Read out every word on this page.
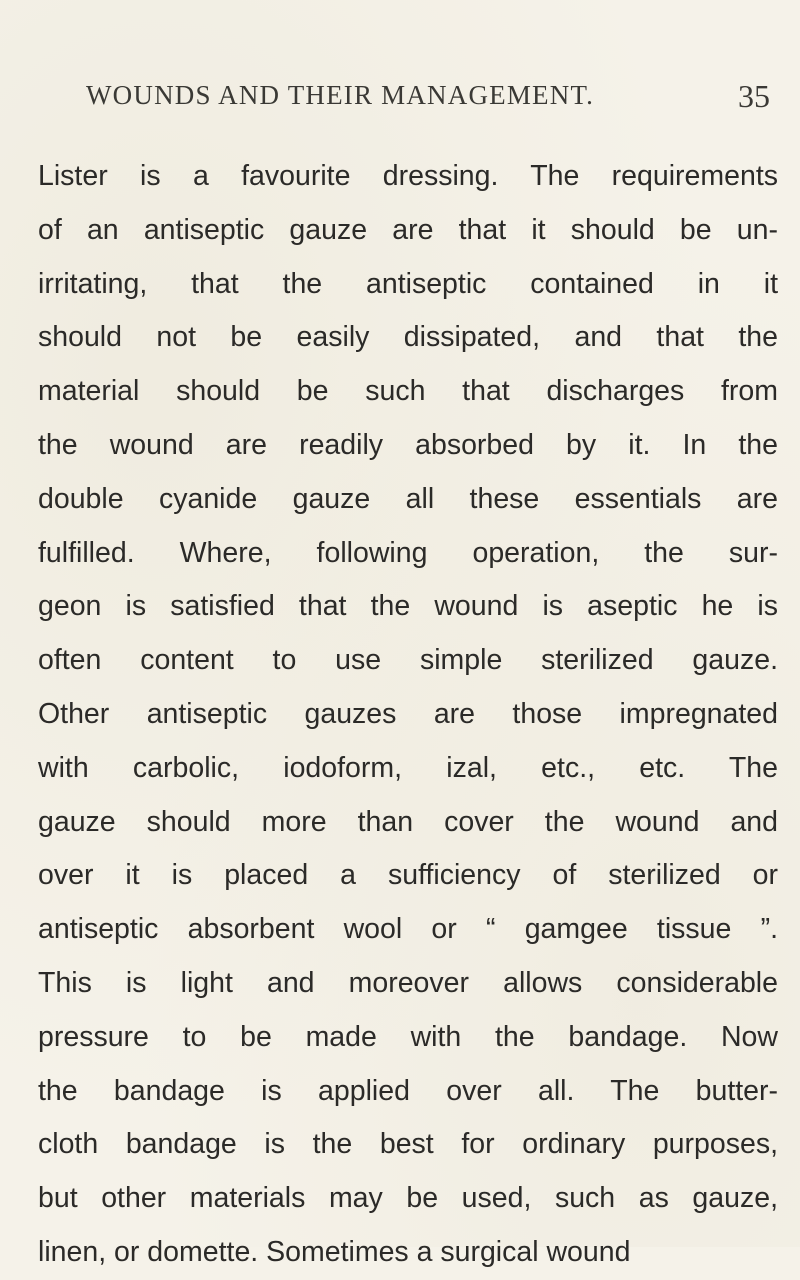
WOUNDS AND THEIR MANAGEMENT.	35
Lister is a favourite dressing. The requirements
of an antiseptic gauze are that it should be un-
irritating, that the antiseptic contained in it
should not be easily dissipated, and that the
material should be such that discharges from
the wound are readily absorbed by it. In the
double cyanide gauze all these essentials are
fulfilled. Where, following operation, the sur-
geon is satisfied that the wound is aseptic he is
often content to use simple sterilized gauze.
Other antiseptic gauzes are those impregnated
with carbolic, iodoform, izal, etc., etc. The
gauze should more than cover the wound and
over it is placed a sufficiency of sterilized or
antiseptic absorbent wool or “ gamgee tissue ”.
This is light and moreover allows considerable
pressure to be made with the bandage. Now
the bandage is applied over all. The butter-
cloth bandage is the best for ordinary purposes,
but other materials may be used, such as gauze,
linen, or domette. Sometimes a surgical wound
